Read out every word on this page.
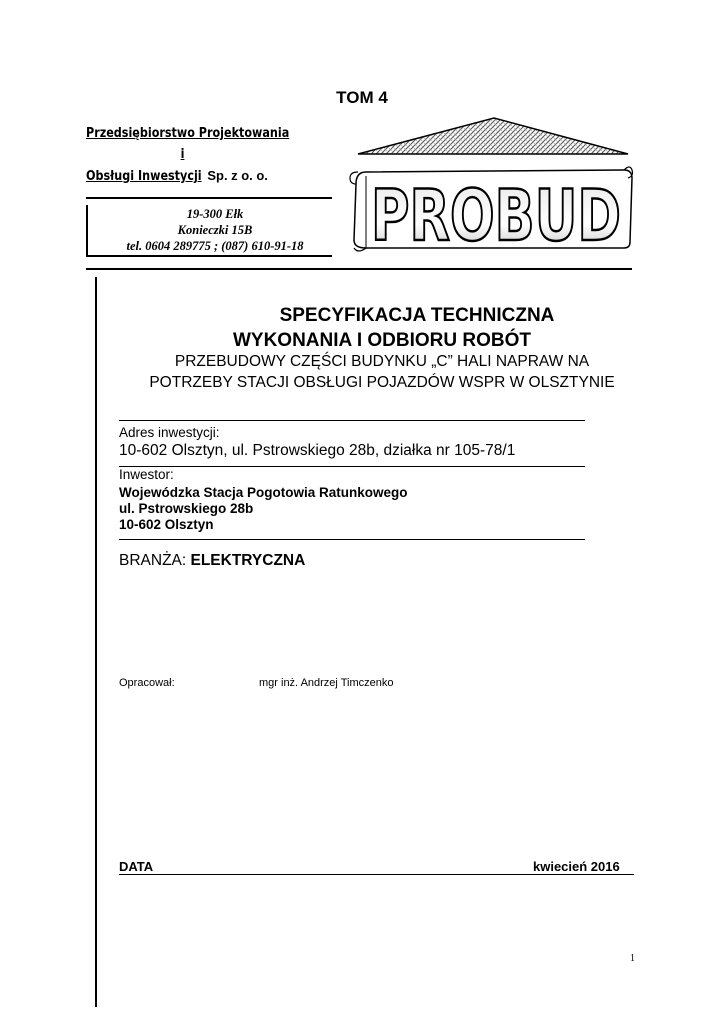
TOM 4
Przedsiębiorstwo Projektowania

i
Obsługi Inwestycji Sp. z o. o.
19-300 Ełk
Konieczki 15B
tel. 0604 289775 ; (087) 610-91-18 PROBUD
SPECYFIKACJA TECHNICZNA
WYKONANIA I ODBIORU ROBÓT
PRZEBUDOWY CZĘŚCI BUDYNKU „C” HALI NAPRAW NA
POTRZEBY STACJI OBSŁUGI POJAZDÓW WSPR W OLSZTYNIE
Adres inwestycji:
10-602 Olsztyn, ul. Pstrowskiego 28b, działka nr 105-78/1
Inwestor:
Wojewódzka Stacja Pogotowia Ratunkowego
ul. Pstrowskiego 28b
10-602 Olsztyn
BRANŻA: ELEKTRYCZNA
Opracował:	mgr inż. Andrzej Timczenko
DATA	kwiecień 2016
1
